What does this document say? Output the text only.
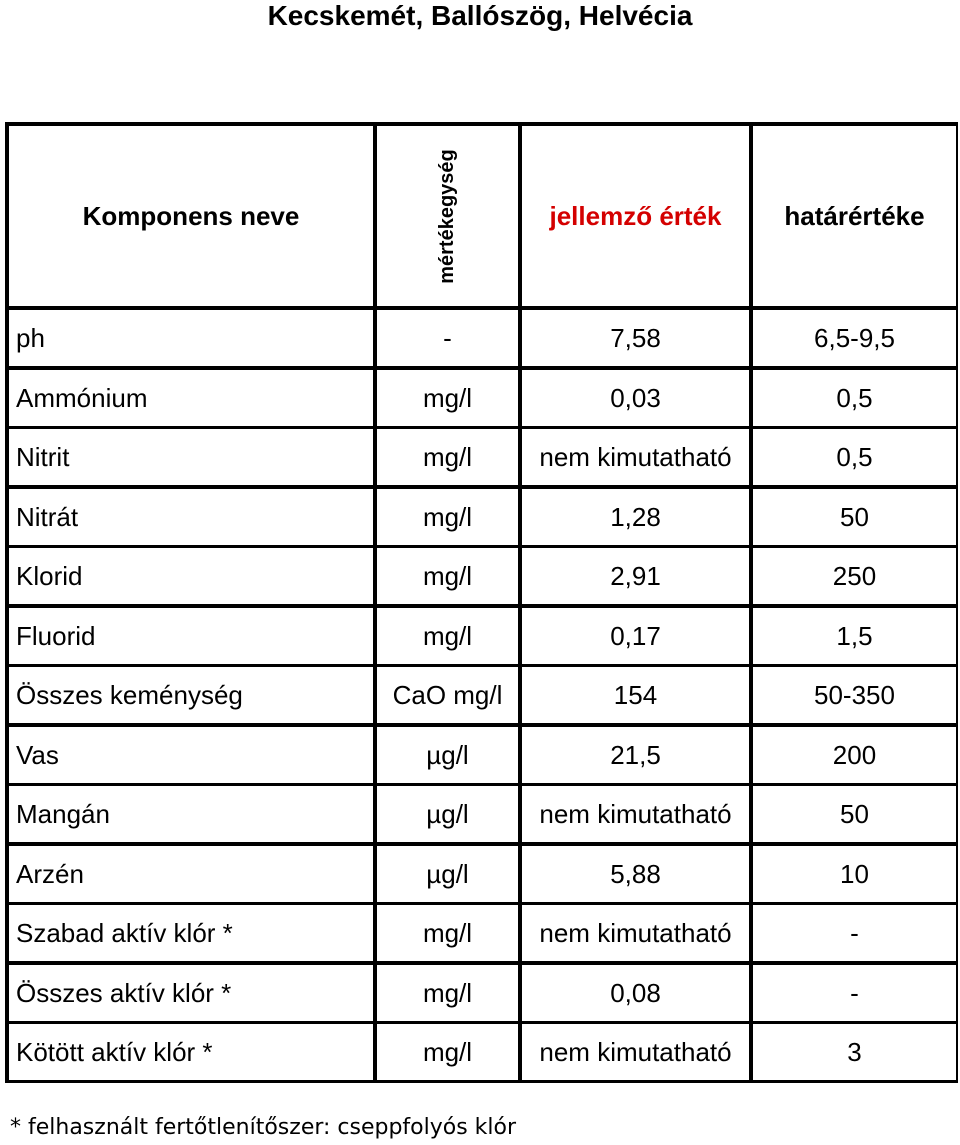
Kecskemét, Ballószög, Helvécia
Komponens neve	mértékegység	jellemző érték	határértéke
ph	-	7,58	6,5-9,5
Ammónium	mg/l	0,03	0,5
Nitrit	mg/l	nem kimutatható	0,5
Nitrát	mg/l	1,28	50
Klorid	mg/l	2,91	250
Fluorid	mg/l	0,17	1,5
Összes keménység	CaO mg/l	154	50-350
Vas	µg/l	21,5	200
Mangán	µg/l	nem kimutatható	50
Arzén	µg/l	5,88	10
Szabad aktív klór *	mg/l	nem kimutatható	-
Összes aktív klór *	mg/l	0,08	-
Kötött aktív klór *	mg/l	nem kimutatható	3
* felhasznált fertőtlenítőszer: cseppfolyós klór
